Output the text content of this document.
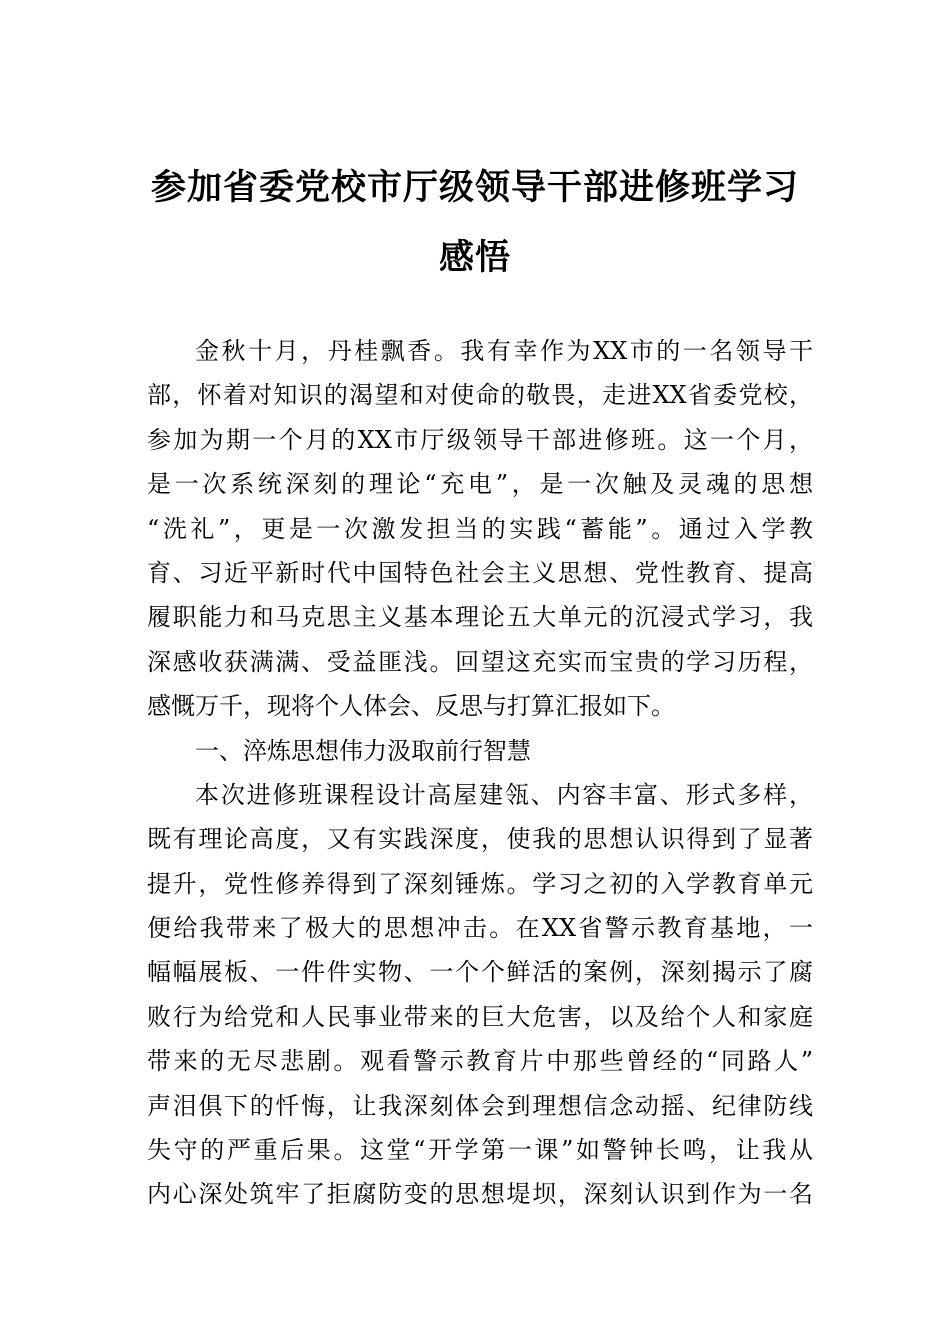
参加省委党校市厅级领导干部进修班学习
感悟
金秋十月，丹桂飘香。我有幸作为XX市的一名领导干
部，怀着对知识的渴望和对使命的敬畏，走进XX省委党校，
参加为期一个月的XX市厅级领导干部进修班。这一个月，
是一次系统深刻的理论“充电”，是一次触及灵魂的思想
“洗礼”，更是一次激发担当的实践“蓄能”。通过入学教
育、习近平新时代中国特色社会主义思想、党性教育、提高
履职能力和马克思主义基本理论五大单元的沉浸式学习，我
深感收获满满、受益匪浅。回望这充实而宝贵的学习历程，
感慨万千，现将个人体会、反思与打算汇报如下。
一、淬炼思想伟力汲取前行智慧
本次进修班课程设计高屋建瓴、内容丰富、形式多样，
既有理论高度，又有实践深度，使我的思想认识得到了显著
提升，党性修养得到了深刻锤炼。学习之初的入学教育单元
便给我带来了极大的思想冲击。在XX省警示教育基地，一
幅幅展板、一件件实物、一个个鲜活的案例，深刻揭示了腐
败行为给党和人民事业带来的巨大危害，以及给个人和家庭
带来的无尽悲剧。观看警示教育片中那些曾经的“同路人”
声泪俱下的忏悔，让我深刻体会到理想信念动摇、纪律防线
失守的严重后果。这堂“开学第一课”如警钟长鸣，让我从
内心深处筑牢了拒腐防变的思想堤坝，深刻认识到作为一名
